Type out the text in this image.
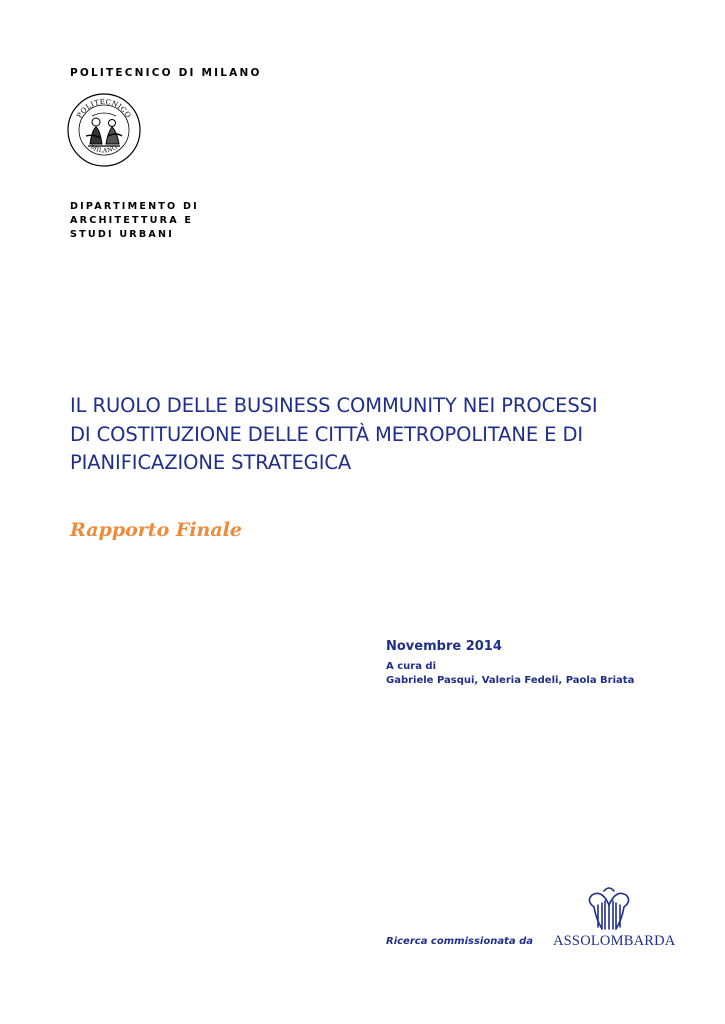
POLITECNICO DI MILANO
POLITECNICO
MILANO
DIPARTIMENTO DI
ARCHITETTURA E
STUDI URBANI
IL RUOLO DELLE BUSINESS COMMUNITY NEI PROCESSI
DI COSTITUZIONE DELLE CITTÀ METROPOLITANE E DI
PIANIFICAZIONE STRATEGICA
Rapporto Finale
Novembre 2014
A cura di
Gabriele Pasqui, Valeria Fedeli, Paola Briata
Ricerca commissionata da ASSOLOMBARDA
